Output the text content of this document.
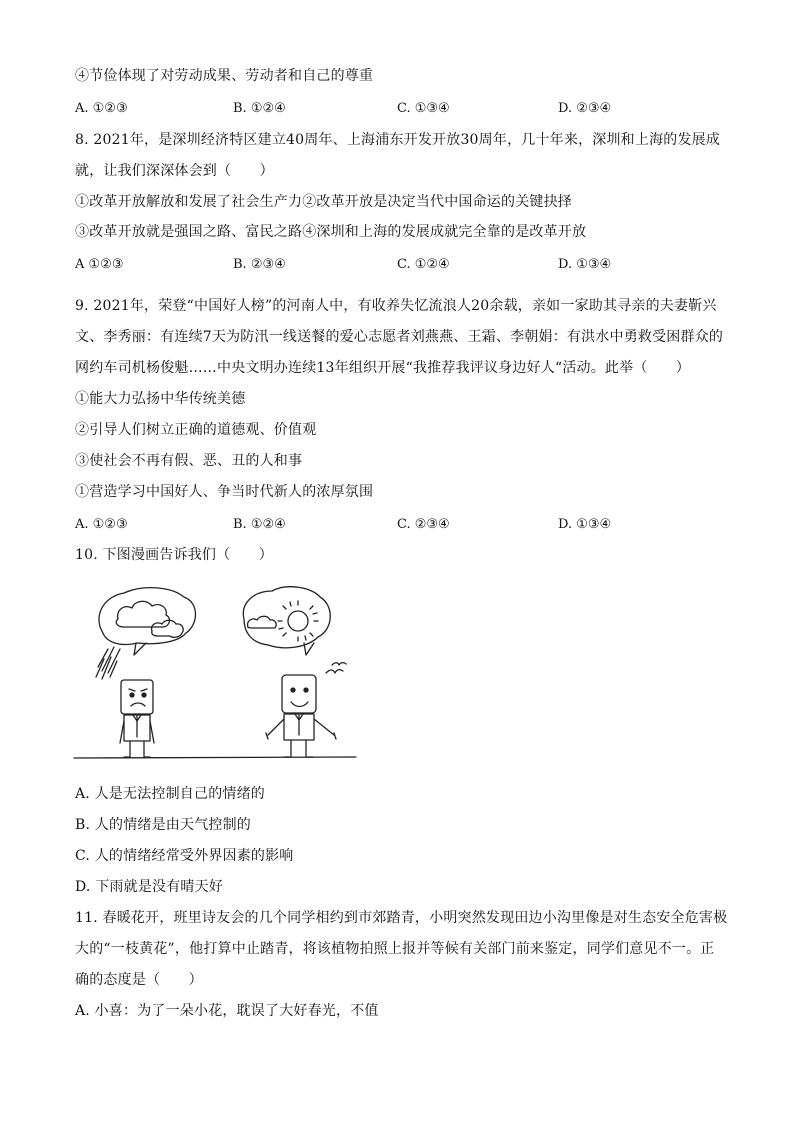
④节俭体现了对劳动成果、劳动者和自己的尊重
A. ①②③	B. ①②④	C. ①③④	D. ②③④
8. 2021年，是深圳经济特区建立40周年、上海浦东开发开放30周年，几十年来，深圳和上海的发展成
就，让我们深深体会到（　　）
①改革开放解放和发展了社会生产力②改革开放是决定当代中国命运的关键抉择
③改革开放就是强国之路、富民之路④深圳和上海的发展成就完全靠的是改革开放
A ①②③	B. ②③④	C. ①②④	D. ①③④
9. 2021年，荣登“中国好人榜”的河南人中，有收养失忆流浪人20余载，亲如一家助其寻亲的夫妻靳兴
文、李秀丽：有连续7天为防汛一线送餐的爱心志愿者刘燕燕、王霜、李朝娟：有洪水中勇救受困群众的
网约车司机杨俊魁……中央文明办连续13年组织开展“我推荐我评议身边好人“活动。此举（　　）
①能大力弘扬中华传统美德
②引导人们树立正确的道德观、价值观
③使社会不再有假、恶、丑的人和事
①营造学习中国好人、争当时代新人的浓厚氛围
A. ①②③	B. ①②④	C. ②③④	D. ①③④
10. 下图漫画告诉我们（　　）
A. 人是无法控制自己的情绪的
B. 人的情绪是由天气控制的
C. 人的情绪经常受外界因素的影响
D. 下雨就是没有晴天好
11. 春暖花开，班里诗友会的几个同学相约到市郊踏青，小明突然发现田边小沟里像是对生态安全危害极
大的“一枝黄花”，他打算中止踏青，将该植物拍照上报并等候有关部门前来鉴定，同学们意见不一。正
确的态度是（　　）
A. 小喜：为了一朵小花，耽误了大好春光，不值
